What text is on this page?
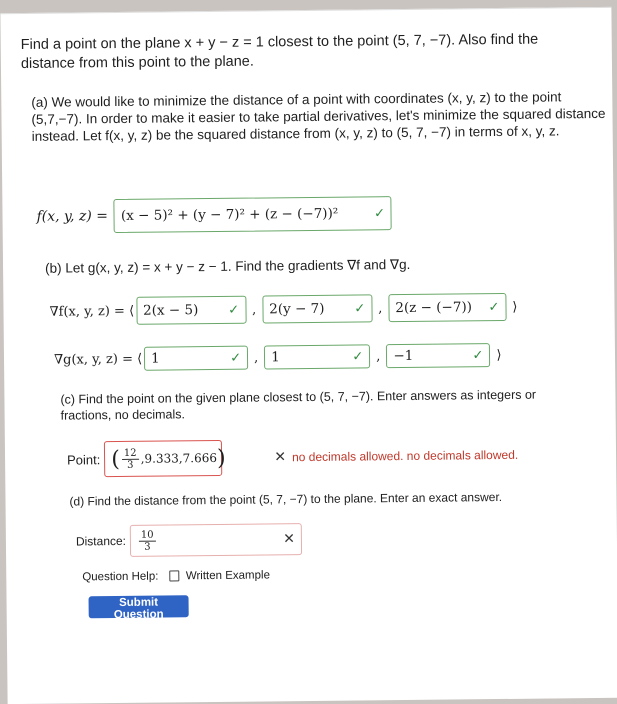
Find a point on the plane x + y − z = 1 closest to the point (5, 7, −7). Also find the
distance from this point to the plane.
(a) We would like to minimize the distance of a point with coordinates (x, y, z) to the point (5,7,−7). In order to make it easier to take partial derivatives, let's minimize the squared distance instead. Let f(x, y, z) be the squared distance from (x, y, z) to (5, 7, −7) in terms of x, y, z.
f(x, y, z) = (x − 5)² + (y − 7)² + (z − (−7))²	✓
(b) Let g(x, y, z) = x + y − z − 1. Find the gradients ∇f and ∇g.
∇f(x, y, z) = ⟨ 2(x − 5) ✓ , 2(y − 7) ✓ , 2(z − (−7)) ✓ ⟩
∇g(x, y, z) = ⟨ 1	✓ , 1	✓ , −1	✓ ⟩
(c) Find the point on the given plane closest to (5, 7, −7). Enter answers as integers or fractions, no decimals.
Point: ( $\frac{12}{3} ,9.333,7.666$ )	✕ no decimals allowed. no decimals allowed.
(d) Find the distance from the point (5, 7, −7) to the plane. Enter an exact answer.
Distance: $\frac{10}{3}$	✕
Question Help: Written Example
Submit Question
